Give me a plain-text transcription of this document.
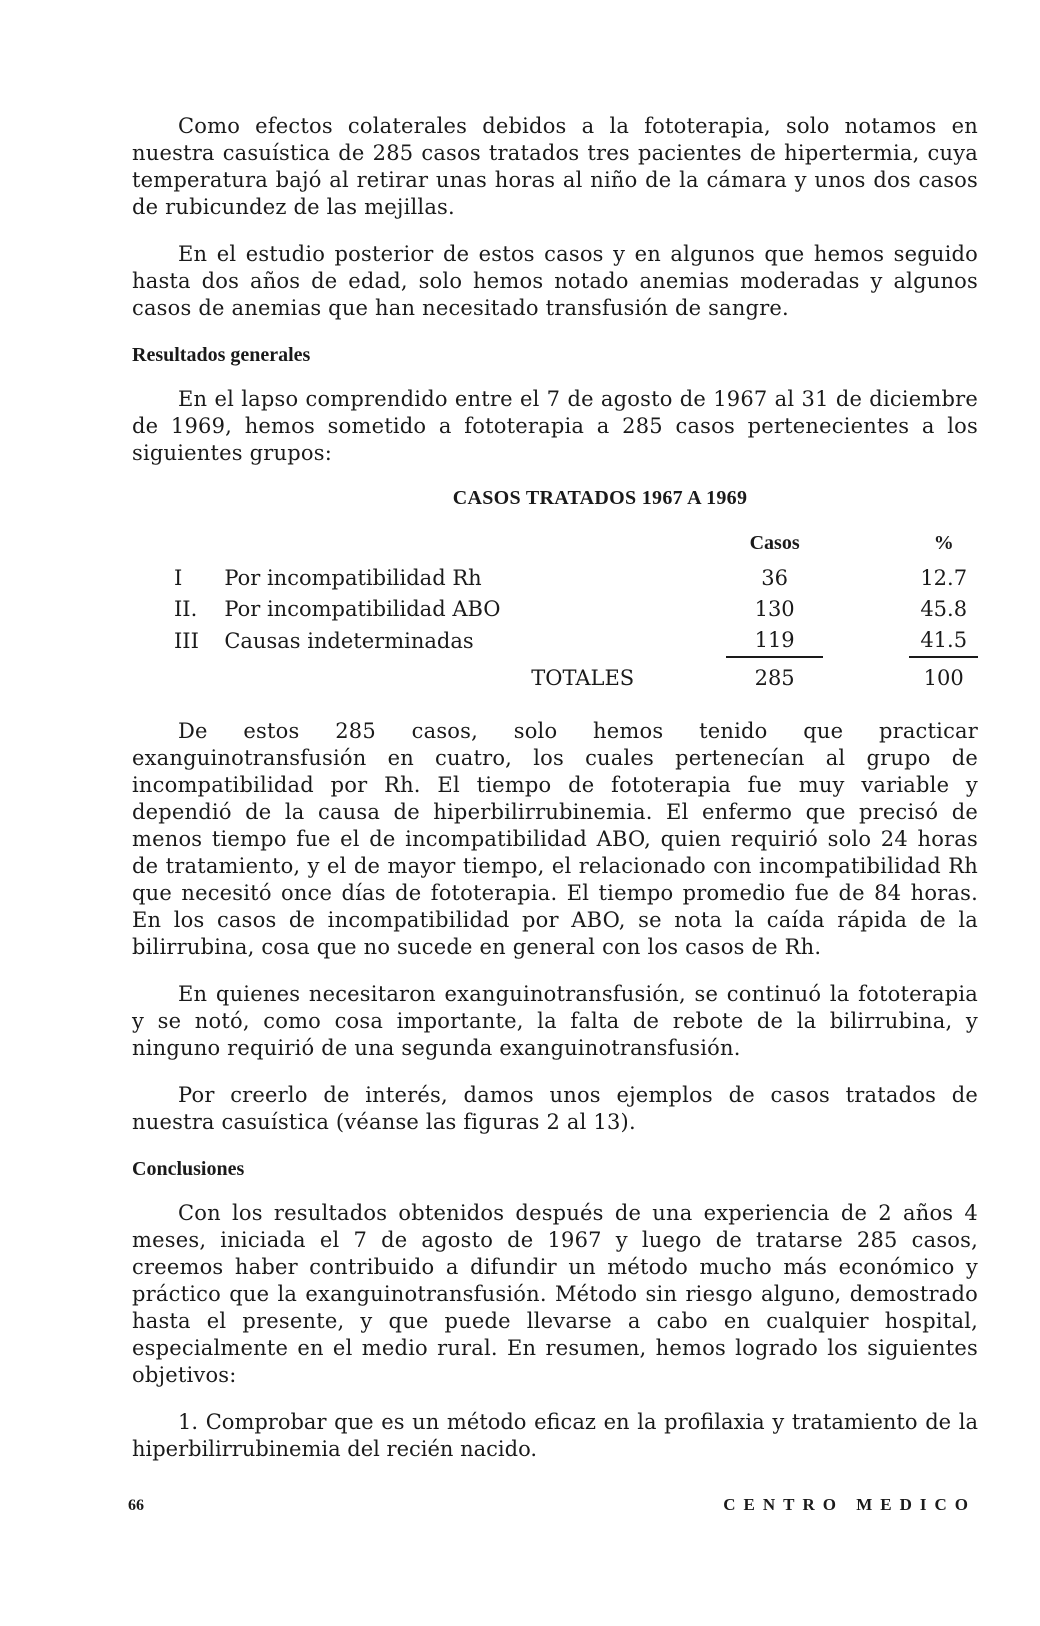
Como efectos colaterales debidos a la fototerapia, solo notamos en nuestra casuística de 285 casos tratados tres pacientes de hipertermia, cuya temperatura bajó al retirar unas horas al niño de la cámara y unos dos casos de rubicundez de las mejillas.

En el estudio posterior de estos casos y en algunos que hemos seguido hasta dos años de edad, solo hemos notado anemias moderadas y algunos casos de anemias que han necesitado transfusión de sangre.

Resultados generales

En el lapso comprendido entre el 7 de agosto de 1967 al 31 de diciembre de 1969, hemos sometido a fototerapia a 285 casos pertenecientes a los siguientes grupos:

CASOS TRATADOS 1967 A 1969
		Casos		%
I	Por incompatibilidad Rh	36		12.7
II.	Por incompatibilidad ABO	130		45.8
III	Causas indeterminadas	119		41.5
	TOTALES	285		100

De estos 285 casos, solo hemos tenido que practicar exanguinotransfusión en cuatro, los cuales pertenecían al grupo de incompatibilidad por Rh. El tiempo de fototerapia fue muy variable y dependió de la causa de hiperbilirrubinemia. El enfermo que precisó de menos tiempo fue el de incompatibilidad ABO, quien requirió solo 24 horas de tratamiento, y el de mayor tiempo, el relacionado con incompatibilidad Rh que necesitó once días de fototerapia. El tiempo promedio fue de 84 horas. En los casos de incompatibilidad por ABO, se nota la caída rápida de la bilirrubina, cosa que no sucede en general con los casos de Rh.

En quienes necesitaron exanguinotransfusión, se continuó la fototerapia y se notó, como cosa importante, la falta de rebote de la bilirrubina, y ninguno requirió de una segunda exanguinotransfusión.

Por creerlo de interés, damos unos ejemplos de casos tratados de nuestra casuística (véanse las figuras 2 al 13).

Conclusiones

Con los resultados obtenidos después de una experiencia de 2 años 4 meses, iniciada el 7 de agosto de 1967 y luego de tratarse 285 casos, creemos haber contribuido a difundir un método mucho más económico y práctico que la exanguinotransfusión. Método sin riesgo alguno, demostrado hasta el presente, y que puede llevarse a cabo en cualquier hospital, especialmente en el medio rural. En resumen, hemos logrado los siguientes objetivos:

1. Comprobar que es un método eficaz en la profilaxia y tratamiento de la hiperbilirrubinemia del recién nacido.
66	CENTRO MEDICO
